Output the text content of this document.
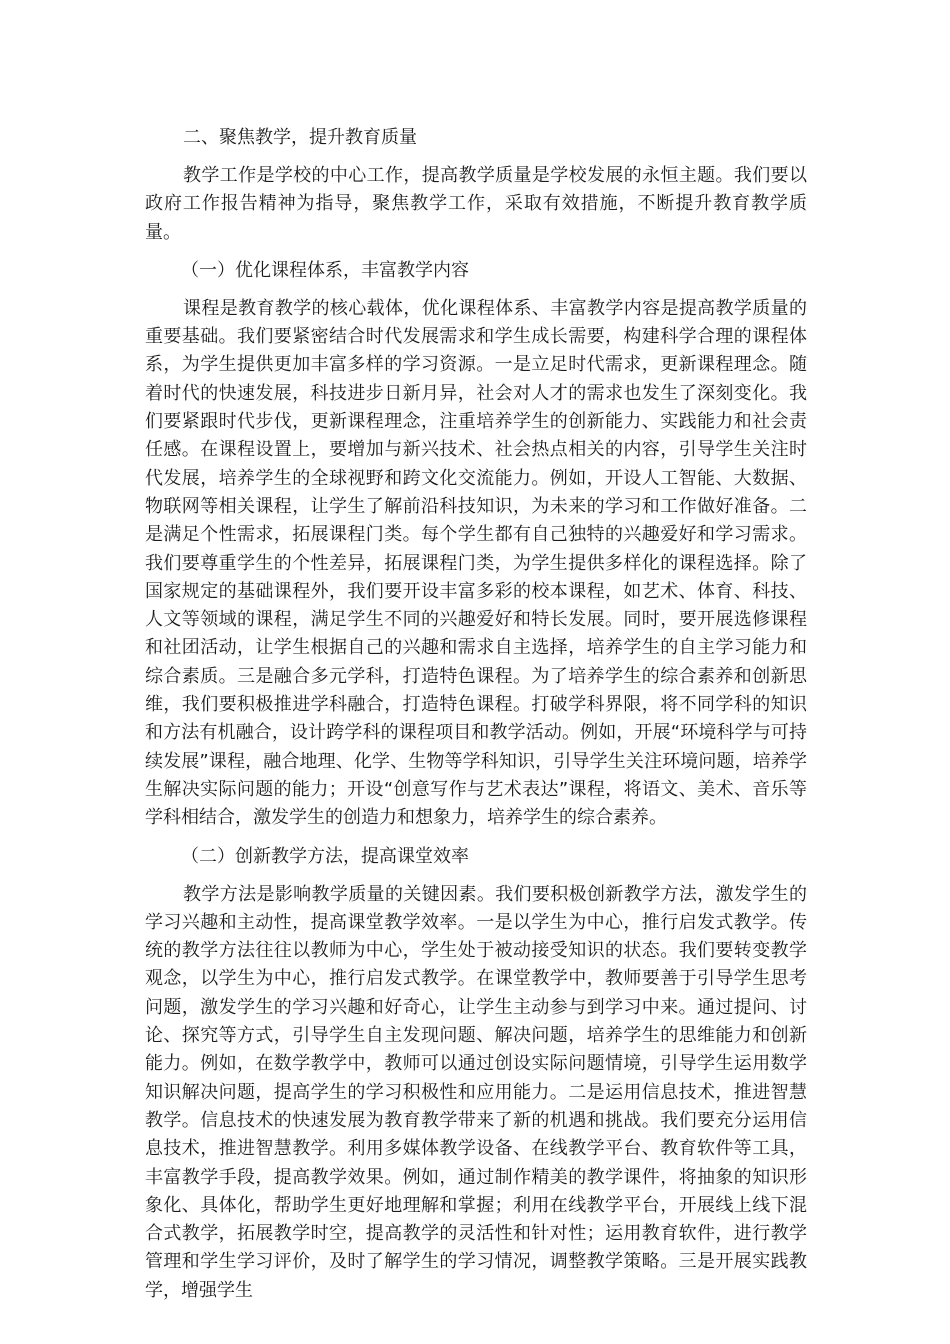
二、聚焦教学，提升教育质量

教学工作是学校的中心工作，提高教学质量是学校发展的永恒主题。我们要以政府工作报告精神为指导，聚焦教学工作，采取有效措施，不断提升教育教学质量。

（一）优化课程体系，丰富教学内容

课程是教育教学的核心载体，优化课程体系、丰富教学内容是提高教学质量的重要基础。我们要紧密结合时代发展需求和学生成长需要，构建科学合理的课程体系，为学生提供更加丰富多样的学习资源。一是立足时代需求，更新课程理念。随着时代的快速发展，科技进步日新月异，社会对人才的需求也发生了深刻变化。我们要紧跟时代步伐，更新课程理念，注重培养学生的创新能力、实践能力和社会责任感。在课程设置上，要增加与新兴技术、社会热点相关的内容，引导学生关注时代发展，培养学生的全球视野和跨文化交流能力。例如，开设人工智能、大数据、物联网等相关课程，让学生了解前沿科技知识，为未来的学习和工作做好准备。二是满足个性需求，拓展课程门类。每个学生都有自己独特的兴趣爱好和学习需求。我们要尊重学生的个性差异，拓展课程门类，为学生提供多样化的课程选择。除了国家规定的基础课程外，我们要开设丰富多彩的校本课程，如艺术、体育、科技、人文等领域的课程，满足学生不同的兴趣爱好和特长发展。同时，要开展选修课程和社团活动，让学生根据自己的兴趣和需求自主选择，培养学生的自主学习能力和综合素质。三是融合多元学科，打造特色课程。为了培养学生的综合素养和创新思维，我们要积极推进学科融合，打造特色课程。打破学科界限，将不同学科的知识和方法有机融合，设计跨学科的课程项目和教学活动。例如，开展“环境科学与可持续发展”课程，融合地理、化学、生物等学科知识，引导学生关注环境问题，培养学生解决实际问题的能力；开设“创意写作与艺术表达”课程，将语文、美术、音乐等学科相结合，激发学生的创造力和想象力，培养学生的综合素养。

（二）创新教学方法，提高课堂效率

教学方法是影响教学质量的关键因素。我们要积极创新教学方法，激发学生的学习兴趣和主动性，提高课堂教学效率。一是以学生为中心，推行启发式教学。传统的教学方法往往以教师为中心，学生处于被动接受知识的状态。我们要转变教学观念，以学生为中心，推行启发式教学。在课堂教学中，教师要善于引导学生思考问题，激发学生的学习兴趣和好奇心，让学生主动参与到学习中来。通过提问、讨论、探究等方式，引导学生自主发现问题、解决问题，培养学生的思维能力和创新能力。例如，在数学教学中，教师可以通过创设实际问题情境，引导学生运用数学知识解决问题，提高学生的学习积极性和应用能力。二是运用信息技术，推进智慧教学。信息技术的快速发展为教育教学带来了新的机遇和挑战。我们要充分运用信息技术，推进智慧教学。利用多媒体教学设备、在线教学平台、教育软件等工具，丰富教学手段，提高教学效果。例如，通过制作精美的教学课件，将抽象的知识形象化、具体化，帮助学生更好地理解和掌握；利用在线教学平台，开展线上线下混合式教学，拓展教学时空，提高教学的灵活性和针对性；运用教育软件，进行教学管理和学生学习评价，及时了解学生的学习情况，调整教学策略。三是开展实践教学，增强学生
